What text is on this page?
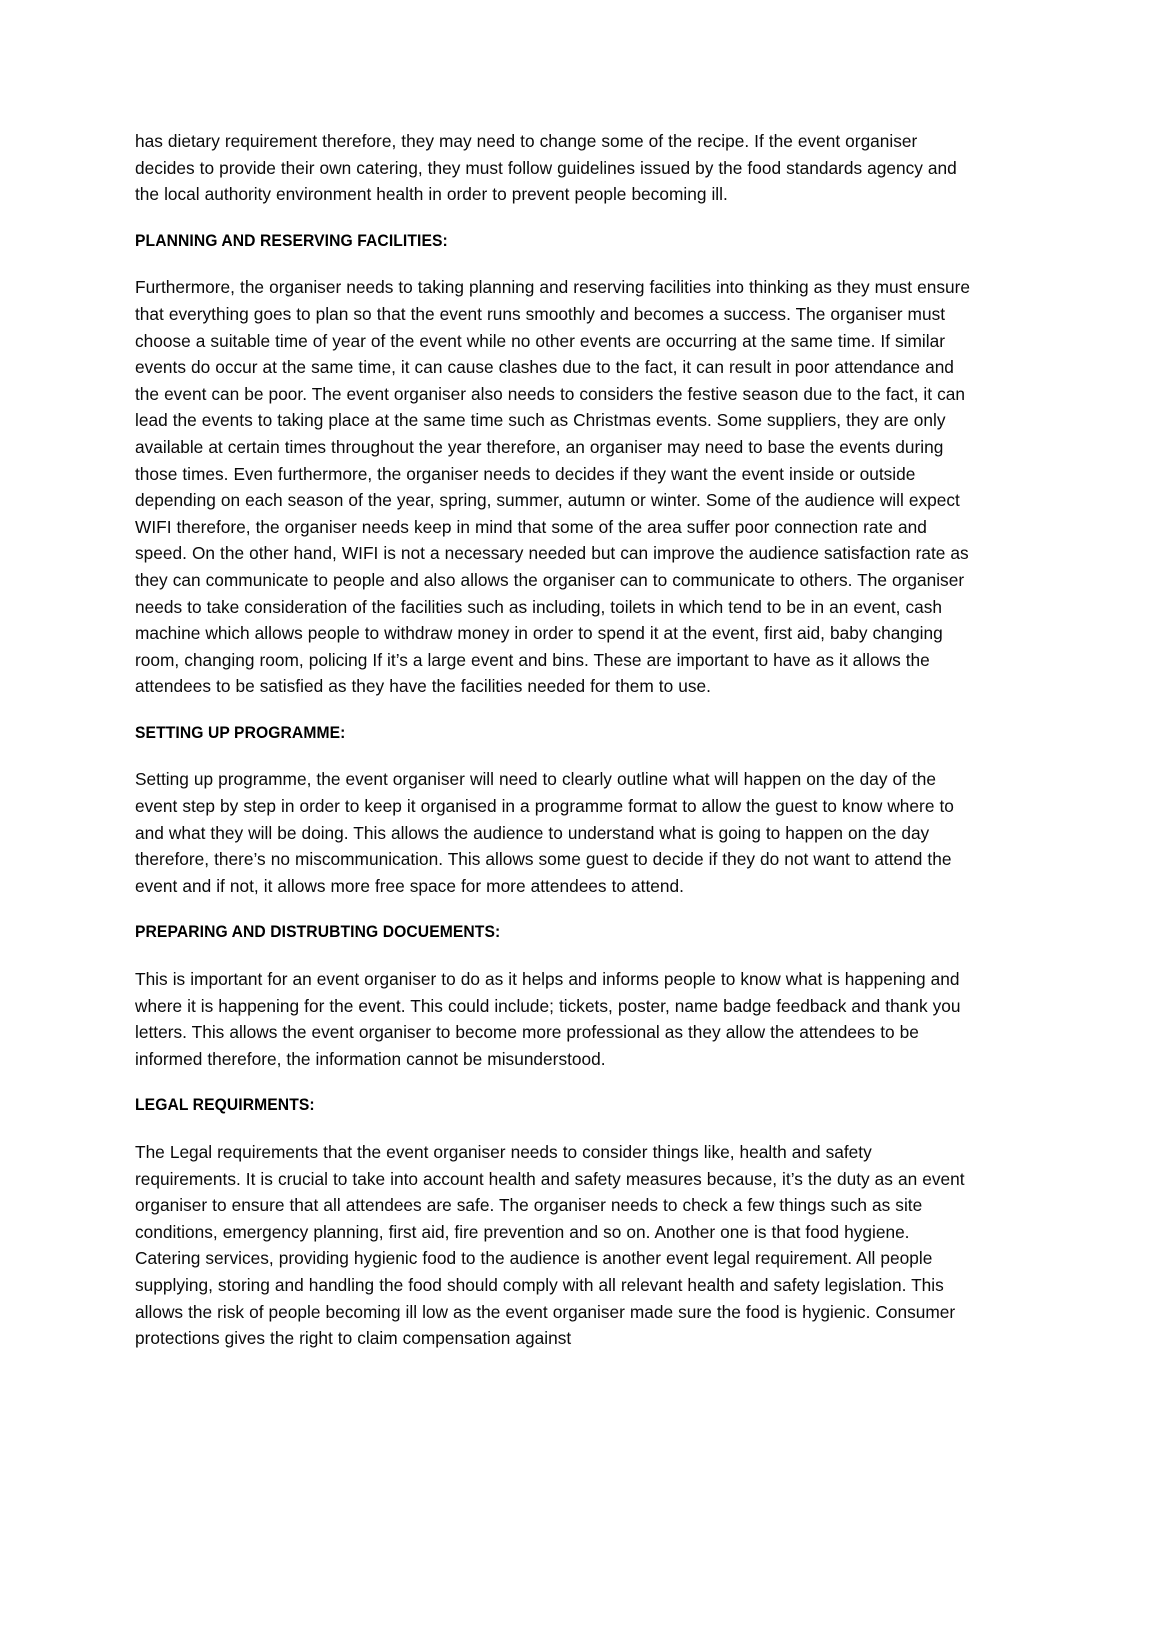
has dietary requirement therefore, they may need to change some of the recipe. If the event organiser decides to provide their own catering, they must follow guidelines issued by the food standards agency and the local authority environment health in order to prevent people becoming ill.

PLANNING AND RESERVING FACILITIES:

Furthermore, the organiser needs to taking planning and reserving facilities into thinking as they must ensure that everything goes to plan so that the event runs smoothly and becomes a success. The organiser must choose a suitable time of year of the event while no other events are occurring at the same time. If similar events do occur at the same time, it can cause clashes due to the fact, it can result in poor attendance and the event can be poor. The event organiser also needs to considers the festive season due to the fact, it can lead the events to taking place at the same time such as Christmas events. Some suppliers, they are only available at certain times throughout the year therefore, an organiser may need to base the events during those times. Even furthermore, the organiser needs to decides if they want the event inside or outside depending on each season of the year, spring, summer, autumn or winter. Some of the audience will expect WIFI therefore, the organiser needs keep in mind that some of the area suffer poor connection rate and speed. On the other hand, WIFI is not a necessary needed but can improve the audience satisfaction rate as they can communicate to people and also allows the organiser can to communicate to others. The organiser needs to take consideration of the facilities such as including, toilets in which tend to be in an event, cash machine which allows people to withdraw money in order to spend it at the event, first aid, baby changing room, changing room, policing If it’s a large event and bins. These are important to have as it allows the attendees to be satisfied as they have the facilities needed for them to use.

SETTING UP PROGRAMME:

Setting up programme, the event organiser will need to clearly outline what will happen on the day of the event step by step in order to keep it organised in a programme format to allow the guest to know where to and what they will be doing. This allows the audience to understand what is going to happen on the day therefore, there’s no miscommunication. This allows some guest to decide if they do not want to attend the event and if not, it allows more free space for more attendees to attend.

PREPARING AND DISTRUBTING DOCUEMENTS:

This is important for an event organiser to do as it helps and informs people to know what is happening and where it is happening for the event. This could include; tickets, poster, name badge feedback and thank you letters. This allows the event organiser to become more professional as they allow the attendees to be informed therefore, the information cannot be misunderstood.

LEGAL REQUIRMENTS:

The Legal requirements that the event organiser needs to consider things like, health and safety requirements. It is crucial to take into account health and safety measures because, it’s the duty as an event organiser to ensure that all attendees are safe. The organiser needs to check a few things such as site conditions, emergency planning, first aid, fire prevention and so on. Another one is that food hygiene. Catering services, providing hygienic food to the audience is another event legal requirement. All people supplying, storing and handling the food should comply with all relevant health and safety legislation. This allows the risk of people becoming ill low as the event organiser made sure the food is hygienic. Consumer protections gives the right to claim compensation against
